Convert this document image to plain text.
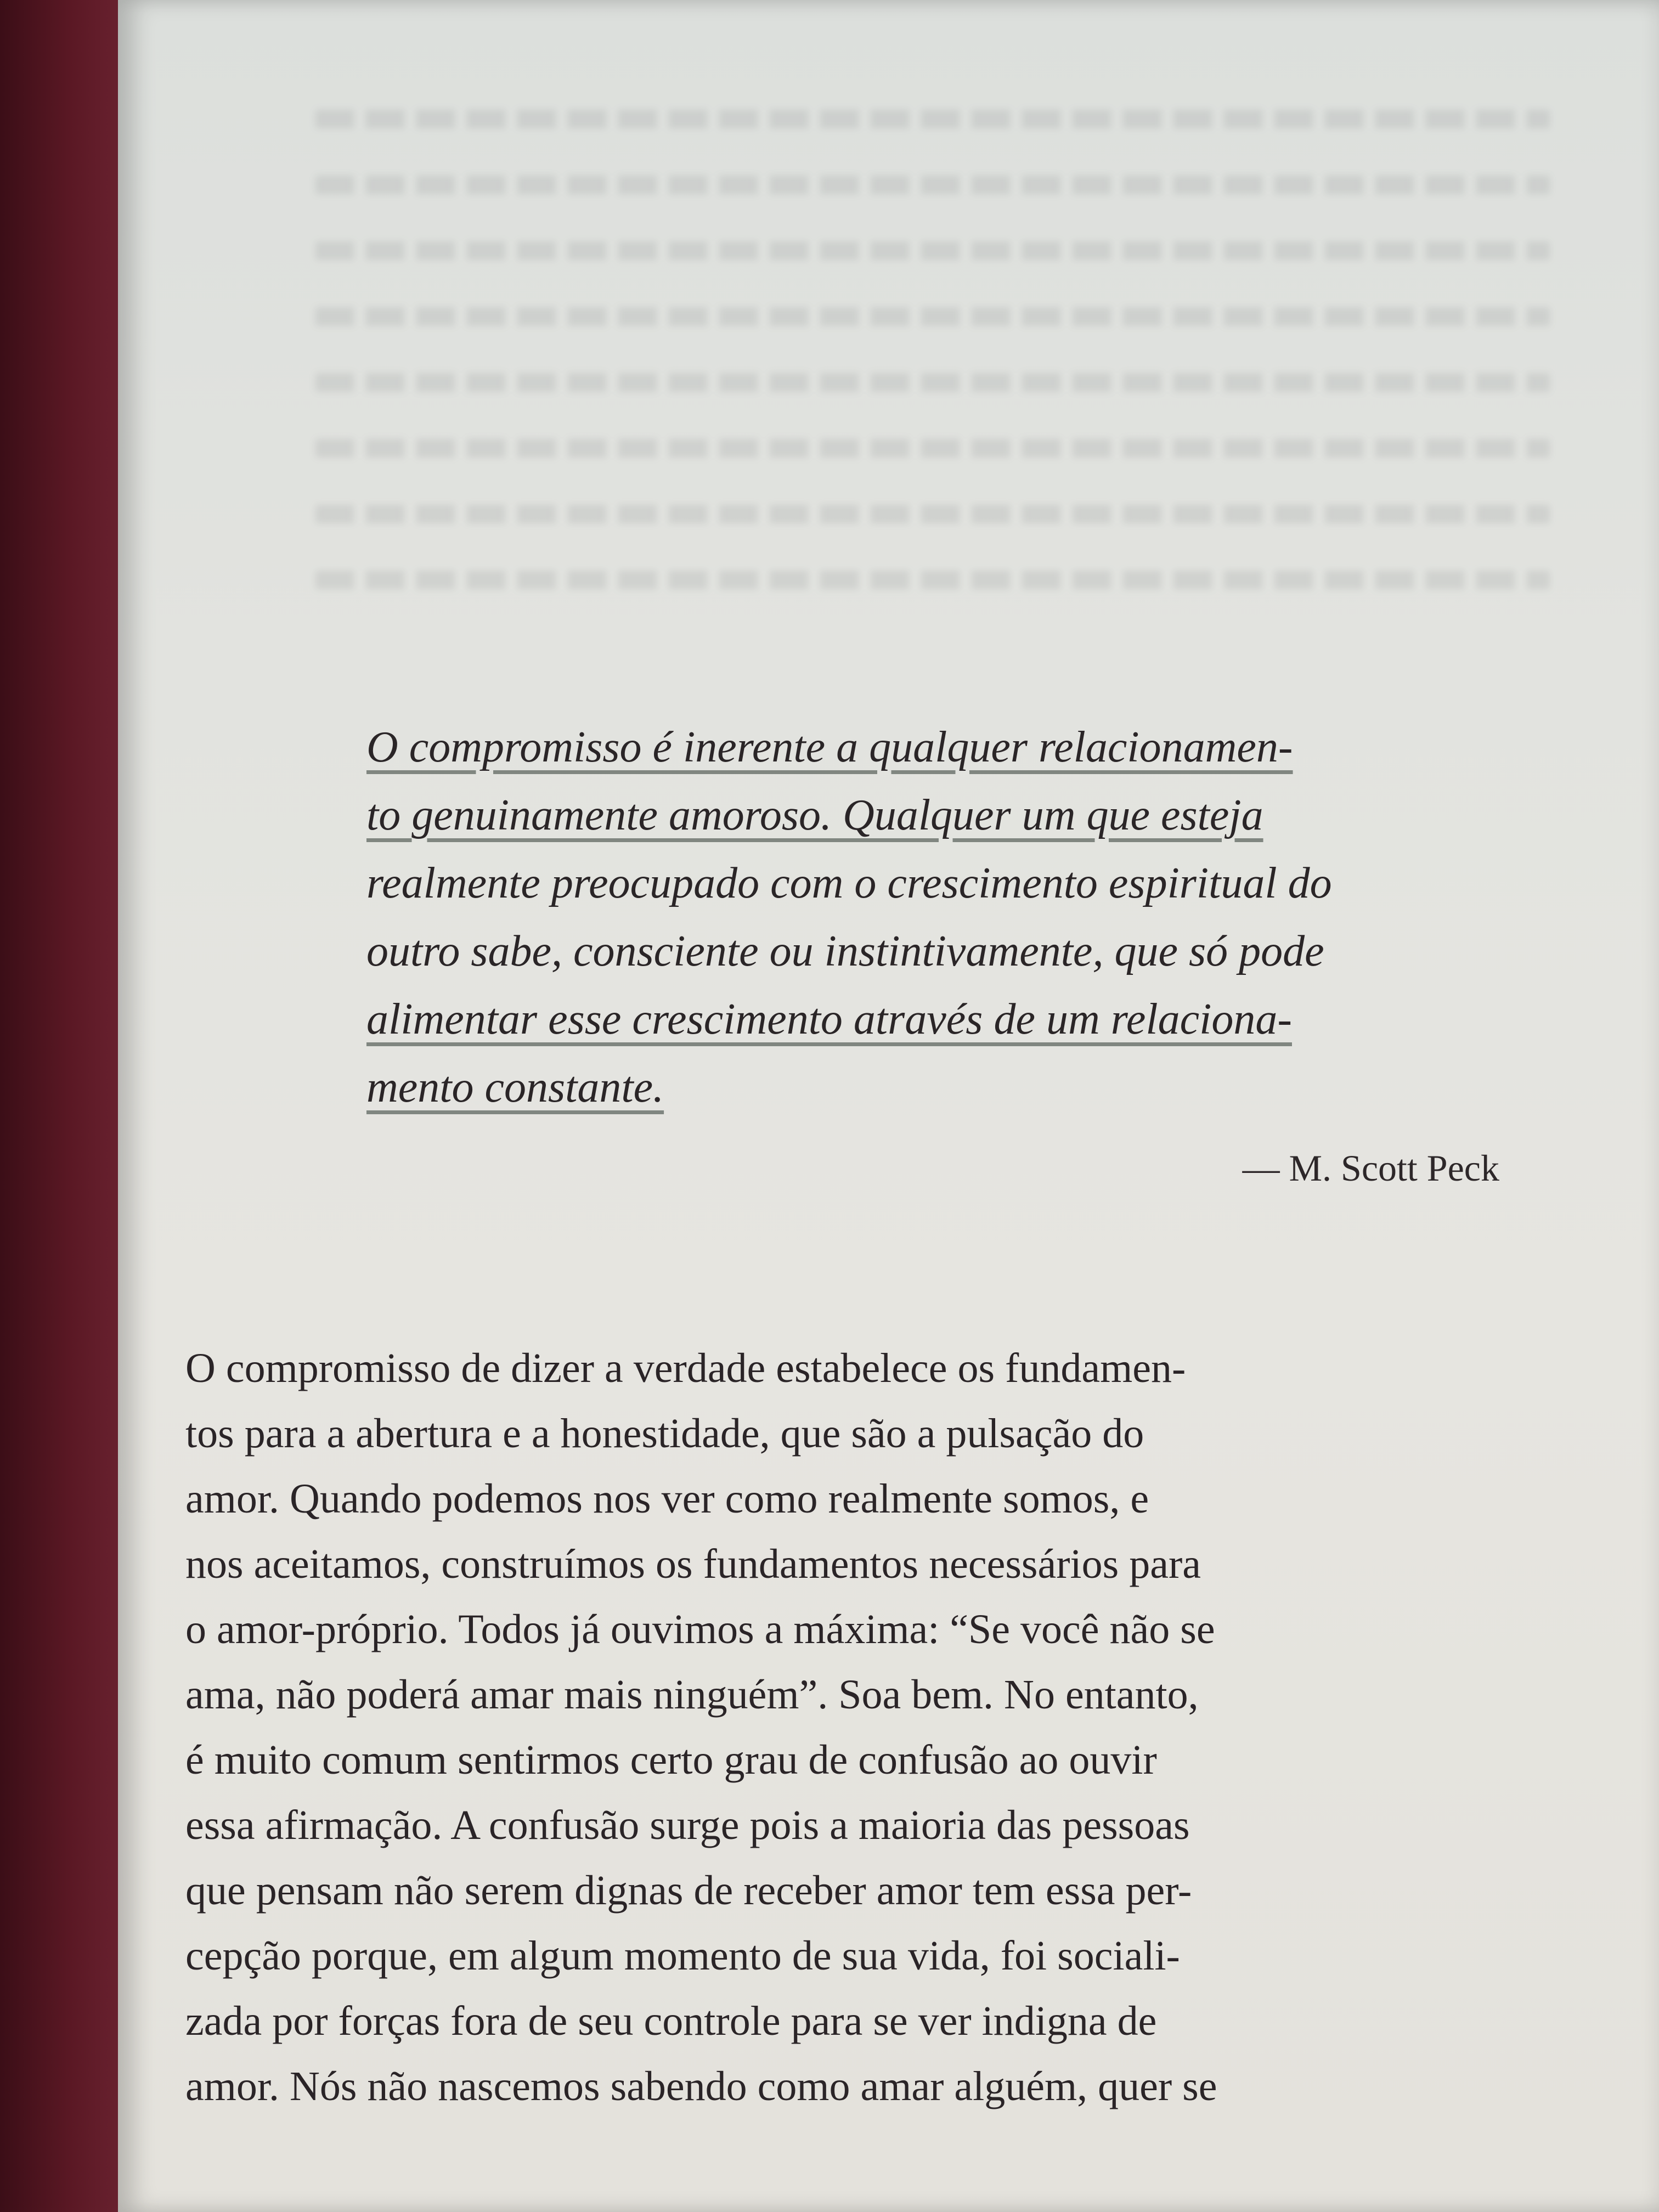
O compromisso é inerente a qualquer relacionamen-

to genuinamente amoroso. Qualquer um que esteja

realmente preocupado com o crescimento espiritual do

outro sabe, consciente ou instintivamente, que só pode

alimentar esse crescimento através de um relaciona-

mento constante.

— M. Scott Peck

O compromisso de dizer a verdade estabelece os fundamen-

tos para a abertura e a honestidade, que são a pulsação do

amor. Quando podemos nos ver como realmente somos, e

nos aceitamos, construímos os fundamentos necessários para

o amor-próprio. Todos já ouvimos a máxima: “Se você não se

ama, não poderá amar mais ninguém”. Soa bem. No entanto,

é muito comum sentirmos certo grau de confusão ao ouvir

essa afirmação. A confusão surge pois a maioria das pessoas

que pensam não serem dignas de receber amor tem essa per-

cepção porque, em algum momento de sua vida, foi sociali-

zada por forças fora de seu controle para se ver indigna de

amor. Nós não nascemos sabendo como amar alguém, quer se
